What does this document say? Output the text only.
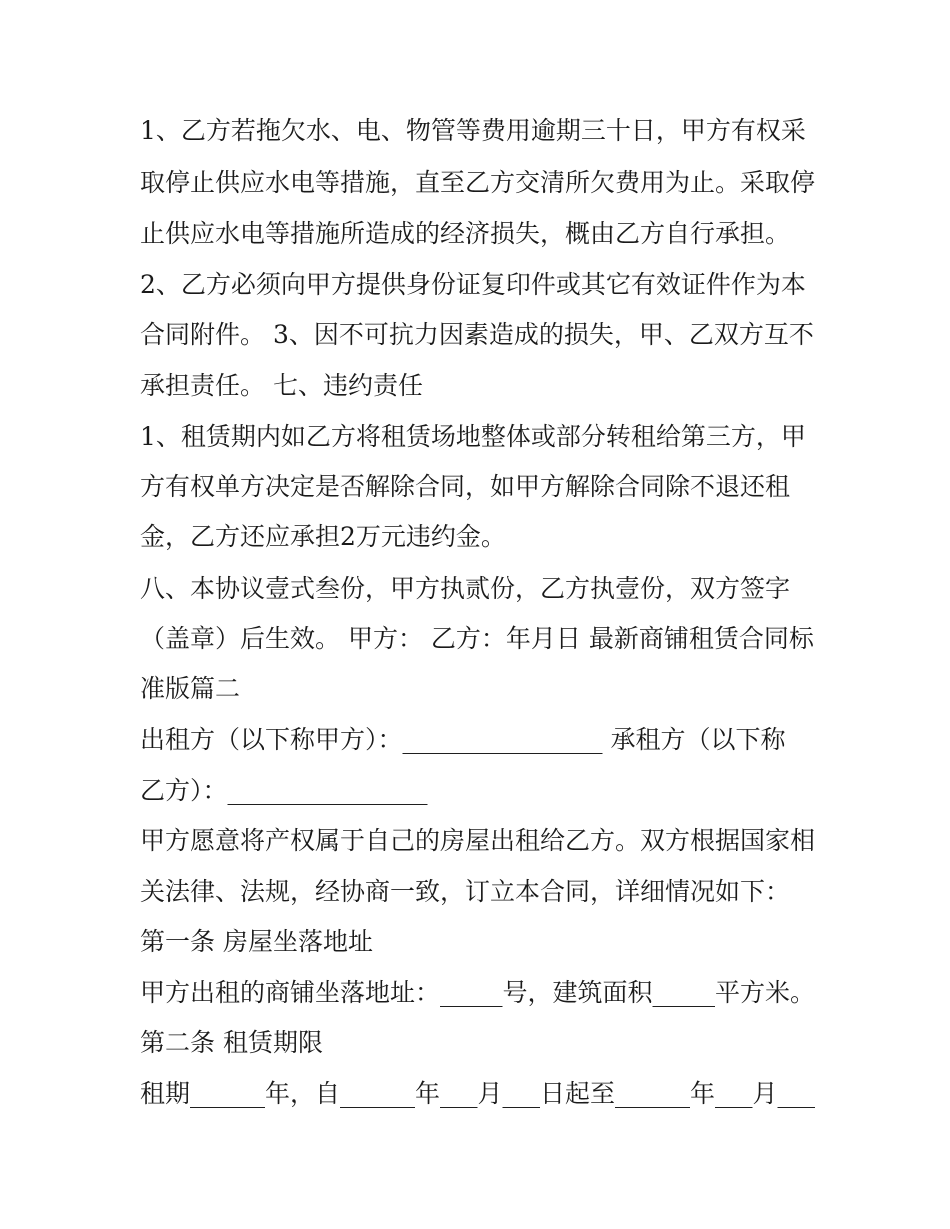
1、乙方若拖欠水、电、物管等费用逾期三十日，甲方有权采
取停止供应水电等措施，直至乙方交清所欠费用为止。采取停
止供应水电等措施所造成的经济损失，概由乙方自行承担。
2、乙方必须向甲方提供身份证复印件或其它有效证件作为本
合同附件。 3、因不可抗力因素造成的损失，甲、乙双方互不
承担责任。 七、违约责任
1、租赁期内如乙方将租赁场地整体或部分转租给第三方，甲
方有权单方决定是否解除合同，如甲方解除合同除不退还租
金，乙方还应承担2万元违约金。
八、本协议壹式叁份，甲方执贰份，乙方执壹份，双方签字
（盖章）后生效。 甲方： 乙方：年月日 最新商铺租赁合同标
准版篇二
出租方（以下称甲方）：________________ 承租方（以下称
乙方）：________________
甲方愿意将产权属于自己的房屋出租给乙方。双方根据国家相
关法律、法规，经协商一致，订立本合同，详细情况如下：
第一条 房屋坐落地址
甲方出租的商铺坐落地址：_____号，建筑面积_____平方米。
第二条 租赁期限
租期______年，自______年___月___日起至______年___月___
